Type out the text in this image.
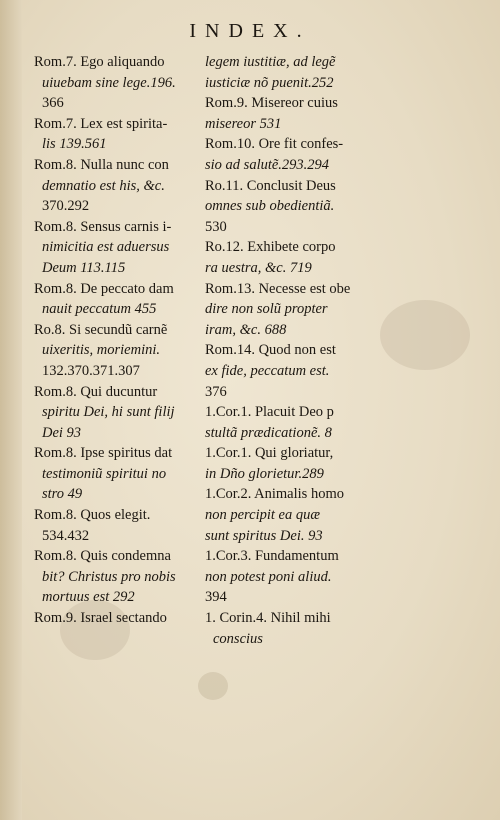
INDEX.
Rom.7. Ego aliquando
uiuebam sine lege.196.
366
Rom.7. Lex est spirita-
lis 139.561
Rom.8. Nulla nunc con
demnatio est his, &c.
370.292
Rom.8. Sensus carnis i-
nimicitia est aduersus
Deum 113.115
Rom.8. De peccato dam
nauit peccatum 455
Ro.8. Si secundũ carnẽ
uixeritis, moriemini.
132.370.371.307
Rom.8. Qui ducuntur
spiritu Dei, hi sunt filij
Dei 93
Rom.8. Ipse spiritus dat
testimoniũ spiritui no
stro 49
Rom.8. Quos elegit.
534.432
Rom.8. Quis condemna
bit? Christus pro nobis
mortuus est 292
Rom.9. Israel sectando
legem iustitiæ, ad legẽ
iusticiæ nõ puenit.252
Rom.9. Misereor cuius
misereor 531
Rom.10. Ore fit confes-
sio ad salutẽ.293.294
Ro.11. Conclusit Deus
omnes sub obedientiã.
530
Ro.12. Exhibete corpo
ra uestra, &c. 719
Rom.13. Necesse est obe
dire non solũ propter
iram, &c. 688
Rom.14. Quod non est
ex fide, peccatum est.
376
1.Cor.1. Placuit Deo p
stultã prædicationẽ. 8
1.Cor.1. Qui gloriatur,
in Dño glorietur.289
1.Cor.2. Animalis homo
non percipit ea quæ
sunt spiritus Dei. 93
1.Cor.3. Fundamentum
non potest poni aliud.
394
1. Corin.4. Nihil mihi
conscius
